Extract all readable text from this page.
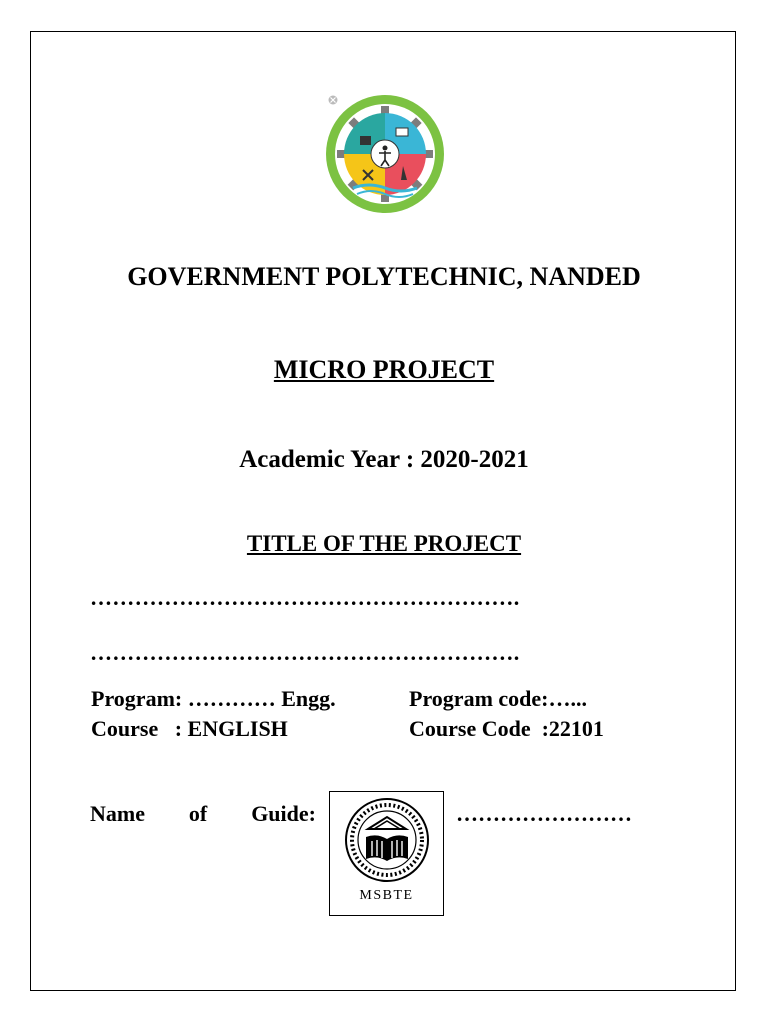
GOVERNMENT POLYTECHNIC, NANDED
MICRO PROJECT
Academic Year : 2020-2021
TITLE OF THE PROJECT
………………………………………………….
………………………………………………….
Program: ………… Engg.	Program code:…...
Course   : ENGLISH	Course Code  :22101
Name of Guide:
MSBTE
……………………
